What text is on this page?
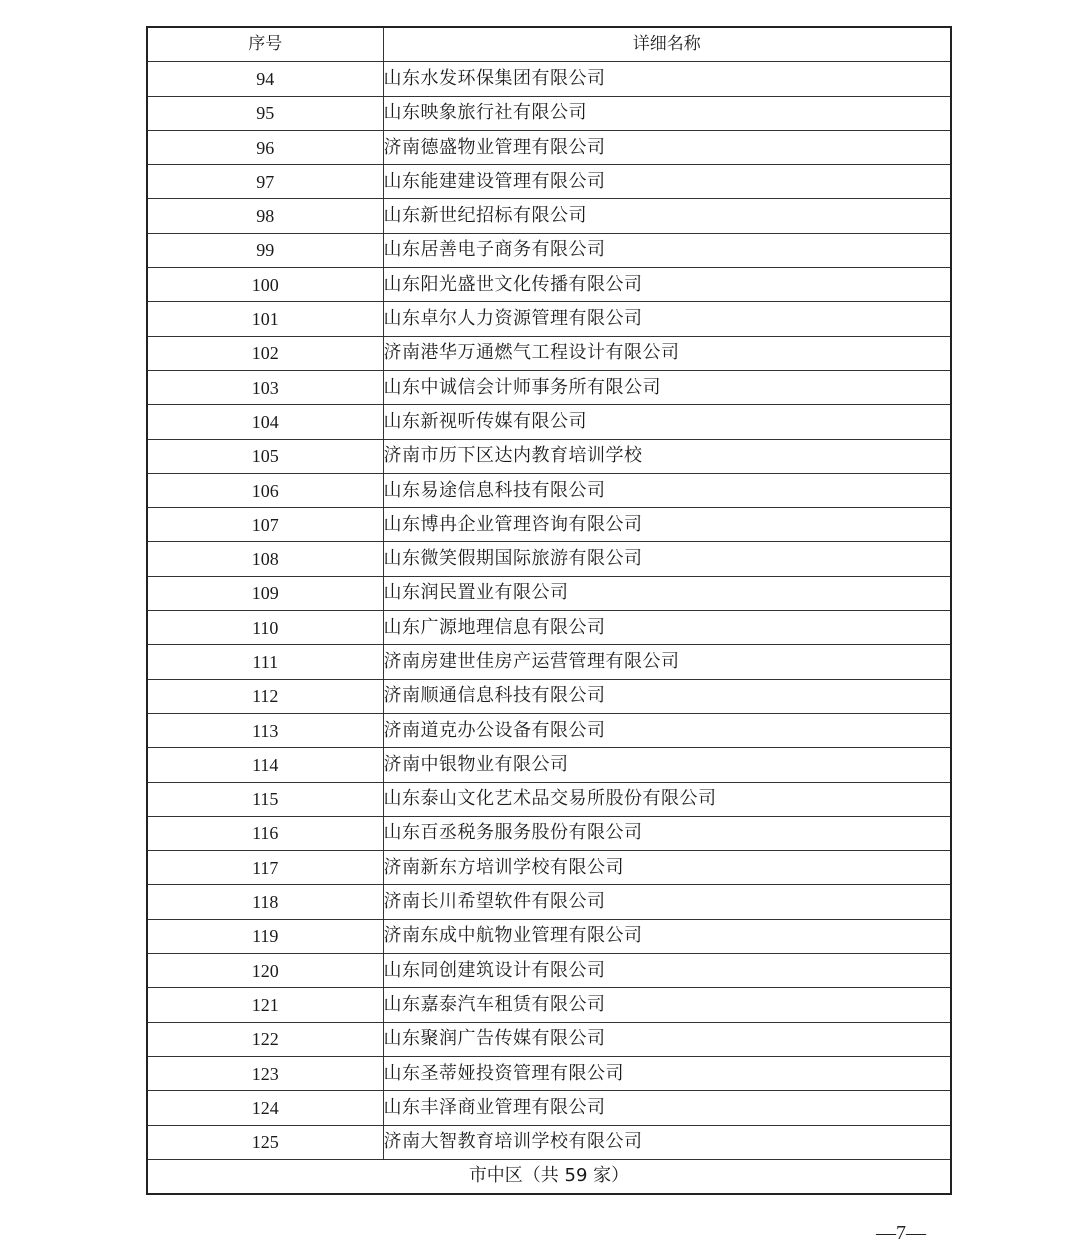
序号	详细名称
94	山东水发环保集团有限公司
95	山东映象旅行社有限公司
96	济南德盛物业管理有限公司
97	山东能建建设管理有限公司
98	山东新世纪招标有限公司
99	山东居善电子商务有限公司
100	山东阳光盛世文化传播有限公司
101	山东卓尔人力资源管理有限公司
102	济南港华万通燃气工程设计有限公司
103	山东中诚信会计师事务所有限公司
104	山东新视听传媒有限公司
105	济南市历下区达内教育培训学校
106	山东易途信息科技有限公司
107	山东博冉企业管理咨询有限公司
108	山东微笑假期国际旅游有限公司
109	山东润民置业有限公司
110	山东广源地理信息有限公司
111	济南房建世佳房产运营管理有限公司
112	济南顺通信息科技有限公司
113	济南道克办公设备有限公司
114	济南中银物业有限公司
115	山东泰山文化艺术品交易所股份有限公司
116	山东百丞税务服务股份有限公司
117	济南新东方培训学校有限公司
118	济南长川希望软件有限公司
119	济南东成中航物业管理有限公司
120	山东同创建筑设计有限公司
121	山东嘉泰汽车租赁有限公司
122	山东聚润广告传媒有限公司
123	山东圣蒂娅投资管理有限公司
124	山东丰泽商业管理有限公司
125	济南大智教育培训学校有限公司
市中区（共 59 家）	
—7—
